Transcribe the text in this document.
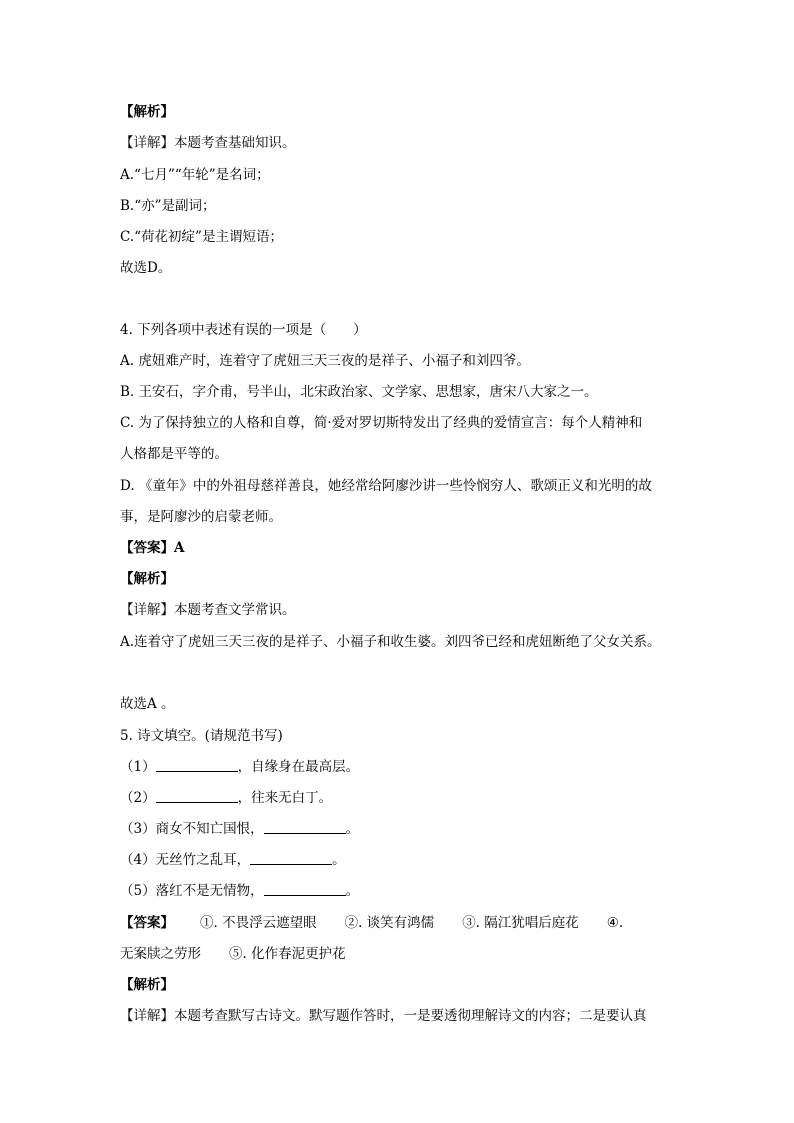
【解析】
【详解】本题考查基础知识。
A.“七月”“年轮”是名词；
B.“亦”是副词；
C.“荷花初绽”是主谓短语；
故选D。
4. 下列各项中表述有误的一项是（　　）
A. 虎妞难产时，连着守了虎妞三天三夜的是祥子、小福子和刘四爷。
B. 王安石，字介甫，号半山，北宋政治家、文学家、思想家，唐宋八大家之一。
C. 为了保持独立的人格和自尊，简·爱对罗切斯特发出了经典的爱情宣言：每个人精神和
人格都是平等的。
D. 《童年》中的外祖母慈祥善良，她经常给阿廖沙讲一些怜悯穷人、歌颂正义和光明的故
事，是阿廖沙的启蒙老师。
【答案】A
【解析】
【详解】本题考查文学常识。
A.连着守了虎妞三天三夜的是祥子、小福子和收生婆。刘四爷已经和虎妞断绝了父女关系。
故选A 。
5. 诗文填空。(请规范书写)
（1）	，自缘身在最高层。
（2）	，往来无白丁。
（3）商女不知亡国恨，	。
（4）无丝竹之乱耳，	。
（5）落红不是无情物，	。
【答案】 ①. 不畏浮云遮望眼 ②. 谈笑有鸿儒 ③. 隔江犹唱后庭花 ④.
无案牍之劳形 ⑤. 化作春泥更护花
【解析】
【详解】本题考查默写古诗文。默写题作答时，一是要透彻理解诗文的内容；二是要认真
